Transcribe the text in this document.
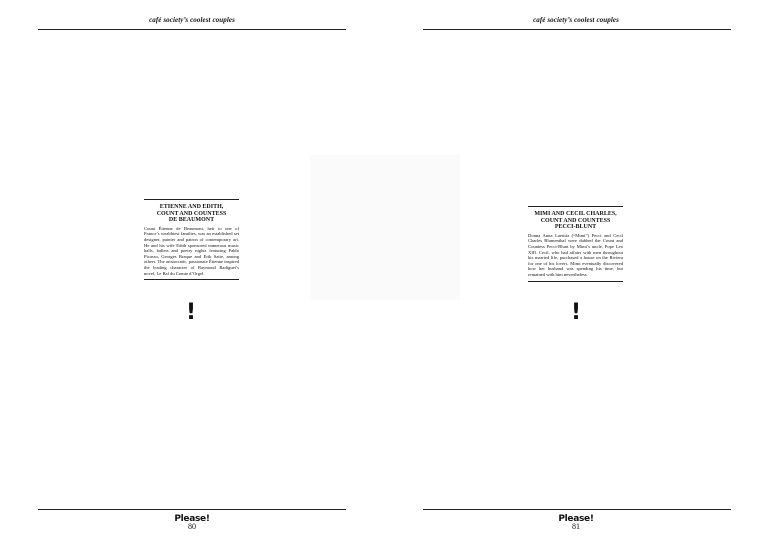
café society’s coolest couples
ETIENNE AND EDITH,
COUNT AND COUNTESS
DE BEAUMONT

Count Étienne de Beaumont, heir to one of France’s wealthiest families, was an established set designer, painter and patron of contemporary art. He and his wife Edith sponsored numerous music halls, ballets and poetry nights featuring Pablo Picasso, Georges Braque and Erik Satie, among others. The aristocratic, passionate Étienne inspired the leading character of Raymond Radiguet’s novel, Le Bal du Comte d’Orgel.

!
Please!
80
café society’s coolest couples
MIMI AND CECIL CHARLES,
COUNT AND COUNTESS
PECCI-BLUNT

Donna Anna Laetitia (“Mimi”) Pecci and Cecil Charles Blumenthal were dubbed the Count and Countess Pecci-Blunt by Mimi’s uncle, Pope Leo XIII. Cecil, who had affairs with men throughout his married life, purchased a house on the Riviera for one of his lovers. Mimi eventually discovered how her husband was spending his time, but remained with him nevertheless.

!
Please!
81
